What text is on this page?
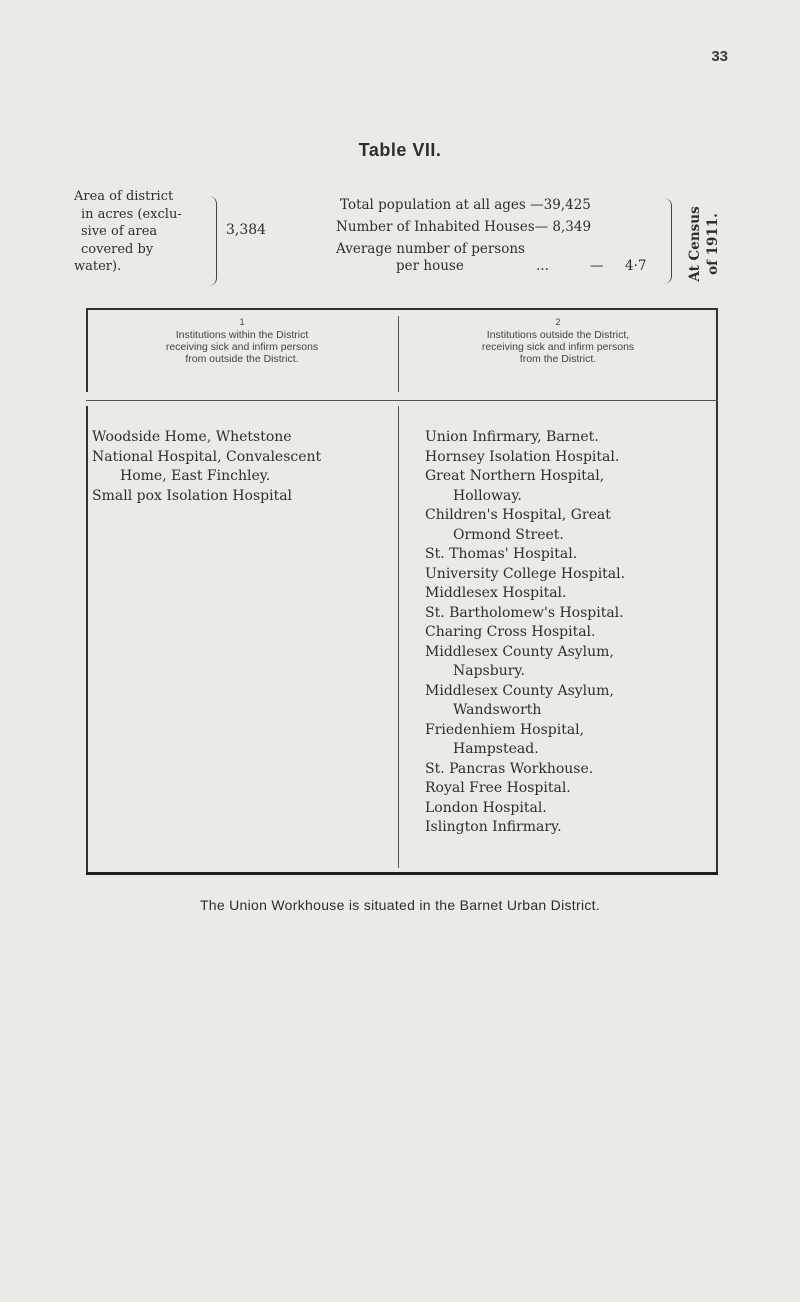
33
Table VII.
Area of district
in acres (exclu-
sive of area
covered by
water).
3,384
Total population at all ages —39,425
Number of Inhabited Houses— 8,349
Average number of persons
per house	...	— 4·7	At Census of 1911.
1
Institutions within the District
receiving sick and infirm persons
from outside the District.
2
Institutions outside the District,
receiving sick and infirm persons
from the District.
Woodside Home, Whetstone
National Hospital, Convalescent
Home, East Finchley.
Small pox Isolation Hospital
Union Infirmary, Barnet.
Hornsey Isolation Hospital.
Great Northern Hospital,
Holloway.
Children's Hospital, Great
Ormond Street.
St. Thomas' Hospital.
University College Hospital.
Middlesex Hospital.
St. Bartholomew's Hospital.
Charing Cross Hospital.
Middlesex County Asylum,
Napsbury.
Middlesex County Asylum,
Wandsworth
Friedenhiem Hospital,
Hampstead.
St. Pancras Workhouse.
Royal Free Hospital.
London Hospital.
Islington Infirmary.
The Union Workhouse is situated in the Barnet Urban District.
